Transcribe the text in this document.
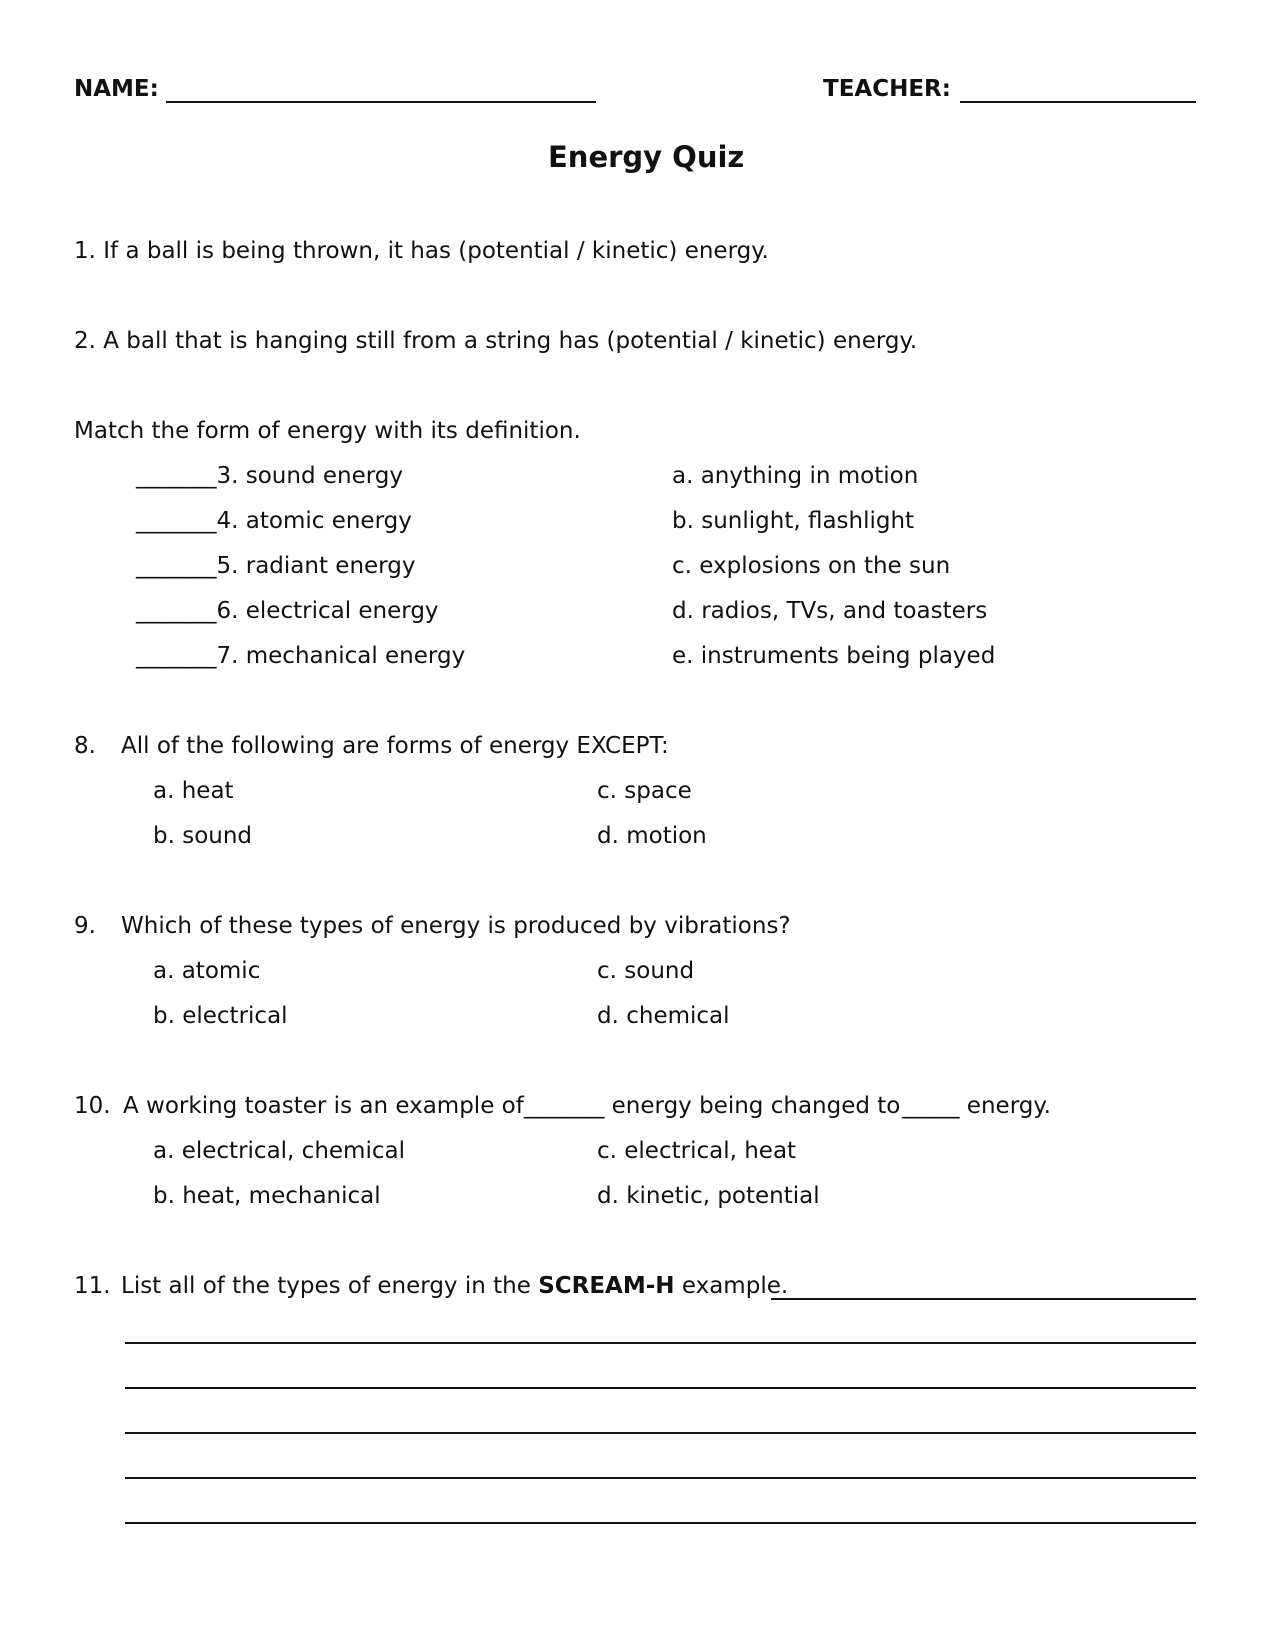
NAME:	TEACHER:
Energy Quiz
1. If a ball is being thrown, it has (potential / kinetic) energy.
2. A ball that is hanging still from a string has (potential / kinetic) energy.
Match the form of energy with its definition.
_______3. sound energy
_______4. atomic energy
_______5. radiant energy
_______6. electrical energy
_______7. mechanical energy
a. anything in motion
b. sunlight, flashlight
c. explosions on the sun
d. radios, TVs, and toasters
e. instruments being played
8. All of the following are forms of energy EXCEPT:
a. heat
b. sound
c. space
d. motion
9. Which of these types of energy is produced by vibrations?
a. atomic
b. electrical
c. sound
d. chemical
10. A working toaster is an example of_______ energy being changed to _____ energy.
a. electrical, chemical
b. heat, mechanical
c. electrical, heat
d. kinetic, potential
11. List all of the types of energy in the SCREAM-H example.
